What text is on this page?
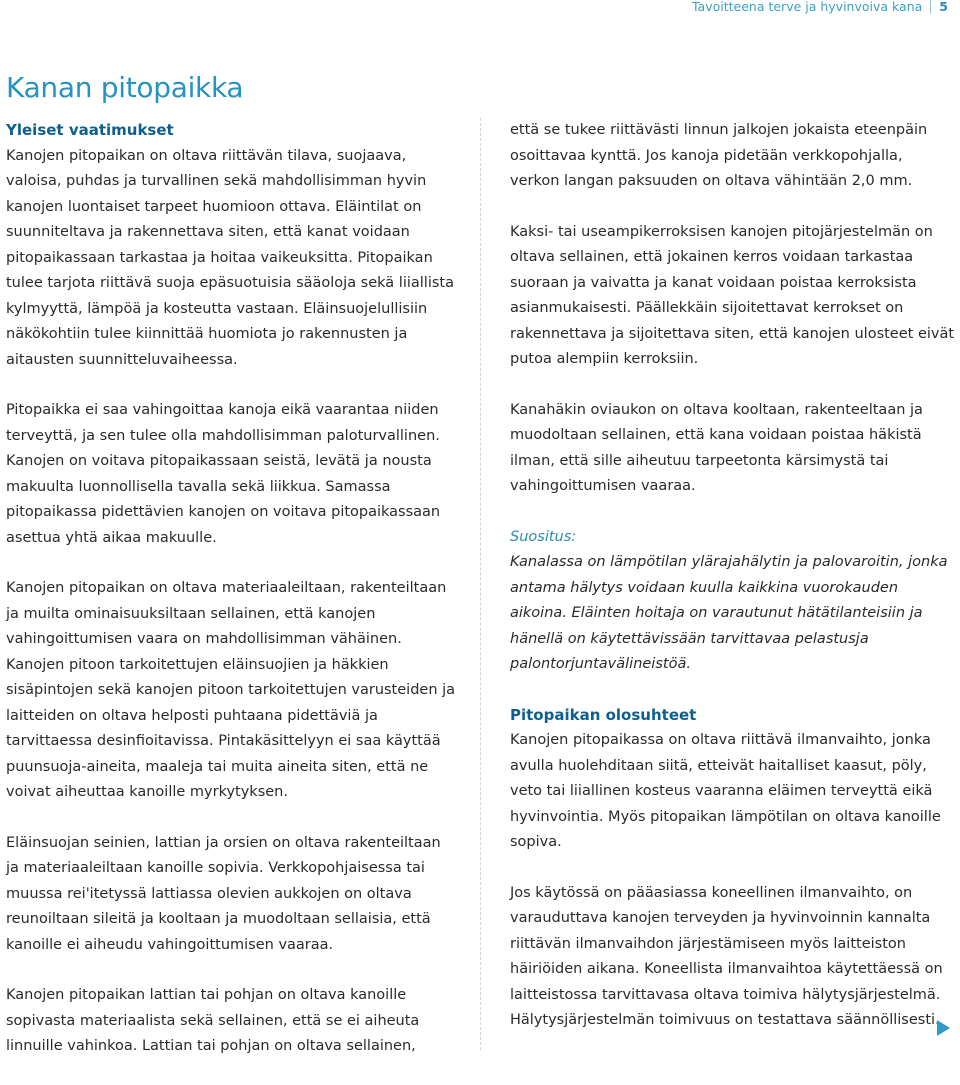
Tavoitteena terve ja hyvinvoiva kana 5
Kanan pitopaikka
Yleiset vaatimukset

Kanojen pitopaikan on oltava riittävän tilava, suojaava, valoisa, puhdas ja turvallinen sekä mahdollisimman hyvin kanojen luontaiset tarpeet huomioon ottava. Eläintilat on suunniteltava ja rakennettava siten, että kanat voidaan pitopaikassaan tarkastaa ja hoitaa vaikeuksitta. Pitopaikan tulee tarjota riittävä suoja epäsuotuisia sääoloja sekä liiallista kylmyyttä, lämpöä ja kosteutta vastaan. Eläinsuojelullisiin näkökohtiin tulee kiinnittää huomiota jo rakennusten ja aitausten suunnitteluvaiheessa.

Pitopaikka ei saa vahingoittaa kanoja eikä vaarantaa niiden terveyttä, ja sen tulee olla mahdollisimman paloturvallinen. Kanojen on voitava pitopaikassaan seistä, levätä ja nousta makuulta luonnollisella tavalla sekä liikkua. Samassa pitopaikassa pidettävien kanojen on voitava pitopaikassaan asettua yhtä aikaa makuulle.

Kanojen pitopaikan on oltava materiaaleiltaan, rakenteiltaan ja muilta ominaisuuksiltaan sellainen, että kanojen vahingoittumisen vaara on mahdollisimman vähäinen. Kanojen pitoon tarkoitettujen eläinsuojien ja häkkien sisäpintojen sekä kanojen pitoon tarkoitettujen varusteiden ja laitteiden on oltava helposti puhtaana pidettäviä ja tarvittaessa desinfioitavissa. Pintakäsittelyyn ei saa käyttää puunsuoja-aineita, maaleja tai muita aineita siten, että ne voivat aiheuttaa kanoille myrkytyksen.

Eläinsuojan seinien, lattian ja orsien on oltava rakenteiltaan ja materiaaleiltaan kanoille sopivia. Verkkopohjaisessa tai muussa rei'itetyssä lattiassa olevien aukkojen on oltava reunoiltaan sileitä ja kooltaan ja muodoltaan sellaisia, että kanoille ei aiheudu vahingoittumisen vaaraa.

Kanojen pitopaikan lattian tai pohjan on oltava kanoille sopivasta materiaalista sekä sellainen, että se ei aiheuta linnuille vahinkoa. Lattian tai pohjan on oltava sellainen,

että se tukee riittävästi linnun jalkojen jokaista eteenpäin osoittavaa kynttä. Jos kanoja pidetään verkkopohjalla, verkon langan paksuuden on oltava vähintään 2,0 mm.

Kaksi- tai useampikerroksisen kanojen pitojärjestelmän on oltava sellainen, että jokainen kerros voidaan tarkastaa suoraan ja vaivatta ja kanat voidaan poistaa kerroksista asianmukaisesti. Päällekkäin sijoitettavat kerrokset on rakennettava ja sijoitettava siten, että kanojen ulosteet eivät putoa alempiin kerroksiin.

Kanahäkin oviaukon on oltava kooltaan, rakenteeltaan ja muodoltaan sellainen, että kana voidaan poistaa häkistä ilman, että sille aiheutuu tarpeetonta kärsimystä tai vahingoittumisen vaaraa.

Suositus:

Kanalassa on lämpötilan ylärajahälytin ja palovaroitin, jonka antama hälytys voidaan kuulla kaikkina vuorokauden aikoina. Eläinten hoitaja on varautunut hätätilanteisiin ja hänellä on käytettävissään tarvittavaa pelastusja palontorjuntavälineistöä.

Pitopaikan olosuhteet

Kanojen pitopaikassa on oltava riittävä ilmanvaihto, jonka avulla huolehditaan siitä, etteivät haitalliset kaasut, pöly, veto tai liiallinen kosteus vaaranna eläimen terveyttä eikä hyvinvointia. Myös pitopaikan lämpötilan on oltava kanoille sopiva.

Jos käytössä on pääasiassa koneellinen ilmanvaihto, on varauduttava kanojen terveyden ja hyvinvoinnin kannalta riittävän ilmanvaihdon järjestämiseen myös laitteiston häiriöiden aikana. Koneellista ilmanvaihtoa käytettäessä on laitteistossa tarvittavasa oltava toimiva hälytysjärjestelmä. Hälytysjärjestelmän toimivuus on testattava säännöllisesti.
